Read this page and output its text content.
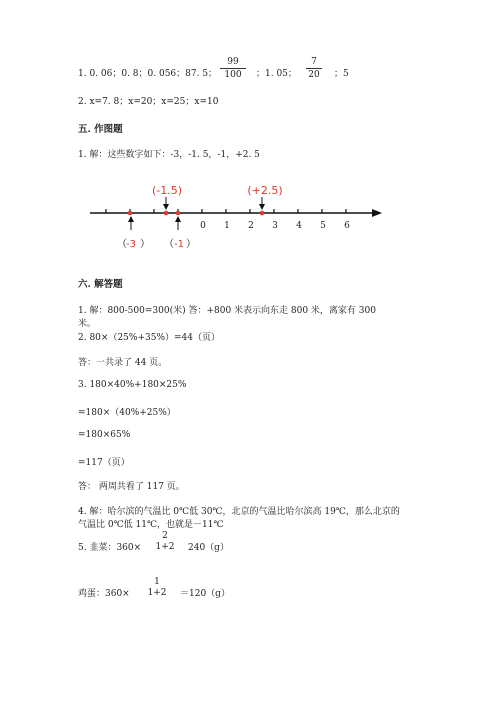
1. 0. 06；0. 8；0. 056；87. 5；
99
100	；1. 05；
7
20 ；5
2. x=7. 8；x=20；x=25；x=10
五. 作图题
1. 解：这些数字如下：-3，-1. 5，-1，+2. 5
0 1 2 3 4 5 6
(-1.5)	(+2.5)
（ -3 ） （ -1 ）
六. 解答题
1. 解：800-500=300(米) 答：+800 米表示向东走 800 米，离家有 300
米。
2. 80×（25%+35%）=44（页）
答：一共录了 44 页。
3. 180×40%+180×25%
=180×（40%+25%）
=180×65%
=117（页）
答： 两周共看了 117 页。
4. 解：哈尔滨的气温比 0℃低 30℃，北京的气温比哈尔滨高 19℃，那么北京的
气温比 0℃低 11℃，也就是－11℃
5. 韭菜：360×
2
1+2	240（g）
鸡蛋：360×
1
1+2	＝120（g）
